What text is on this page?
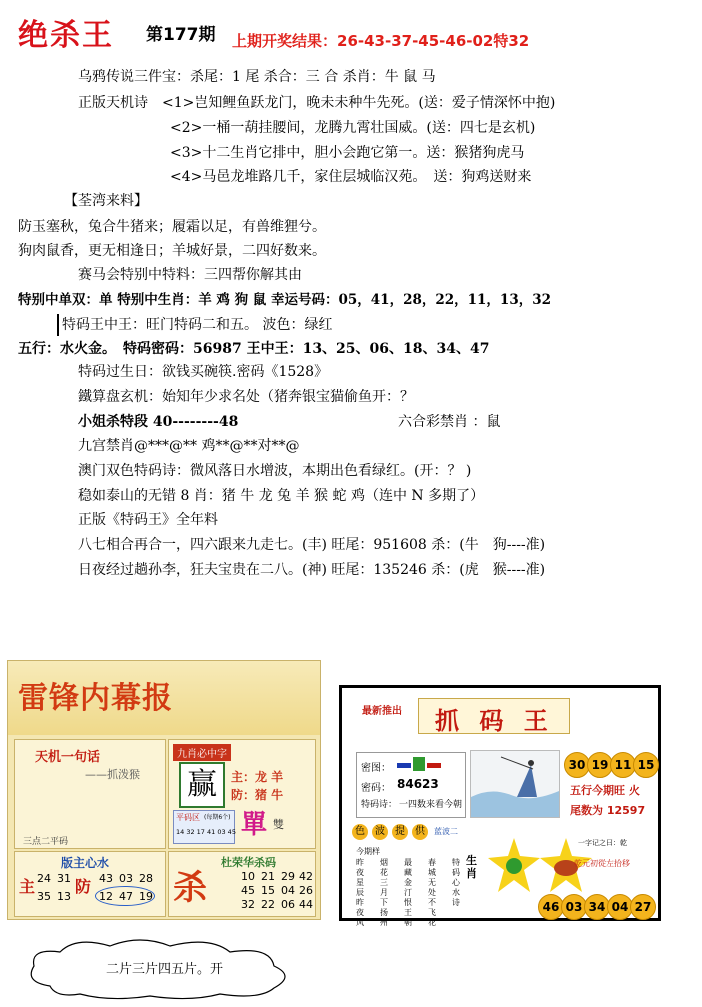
绝杀王 第177期 上期开奖结果：26-43-37-45-46-02特32
乌鸦传说三件宝：杀尾：1 尾 杀合：三 合 杀肖：牛 鼠 马
正版天机诗　<1>岂知鲤鱼跃龙门，晚未未种牛先死。(送：爱子情深怀中抱)
<2>一桶一葫挂腰间，龙腾九霄壮国威。(送：四七是玄机)
<3>十二生肖它排中，胆小会跑它第一。送：猴猪狗虎马
<4>马邑龙堆路几千，家住层城临汉苑。　送：狗鸡送财来
【荃湾来料】
防玉塞秋，兔合牛猪来；履霜以足，有兽维狸兮。
狗肉鼠香，更无相逢日；羊城好景，二四好数来。
赛马会特别中特料：三四帮你解其由
特别中单双：单 特别中生肖：羊 鸡 狗 鼠 幸运号码：05，41，28，22，11，13，32
特码王中王：旺门特码二和五。 波色：绿红
五行：水火金。　特码密码：56987 王中王：13、25、06、18、34、47
特码过生日：欲钱买碗筷.密码《1528》
鐵算盘玄机：始知年少求名处（猪奔银宝猫偷鱼开：？
小姐杀特段 40--------48	六合彩禁肖 ：鼠
九宫禁肖@***@** 鸡**@**对**@
澳门双色特码诗：微风落日水增波，本期出色看绿红。(开：？ )
稳如泰山的无错 8 肖：猪 牛 龙 兔 羊 猴 蛇 鸡（连中 N 多期了）
正版《特码王》全年料
八七相合再合一，四六跟来九走七。(丰) 旺尾：951608 杀：(牛　狗----准)
日夜经过趟孙李，狂夫宝贵在二八。(神) 旺尾：135246 杀：(虎　猴----准)
雷锋内幕报
天机一句话
——抓泼猴
三点二平码
九肖必中字
赢	主：龙 羊
防：猪 牛
單 雙
平码区 (每期6个)
14 32 17 41 03 45
版主心水
主 24 31
35 13
防 43 03 28
12 47 19 杀
杜荣华杀码
10 21 29 42
45 15 04 26
32 22 06 44
最新推出 抓 码 王
密图：
密码： 84623
特码诗： 一四数来看今朝
30 19 11 15
五行今期旺 火
尾数为 12597
色	波	提	供	蓝波二
今期样
昨夜星辰昨夜风
烟花三月下扬州
最藏金汀恨王朝
春城无处不飞花
特码心水诗
生肖
一字记之曰：乾
乾元初從左拾移
46 03 34 04 27
二片三片四五片。开
